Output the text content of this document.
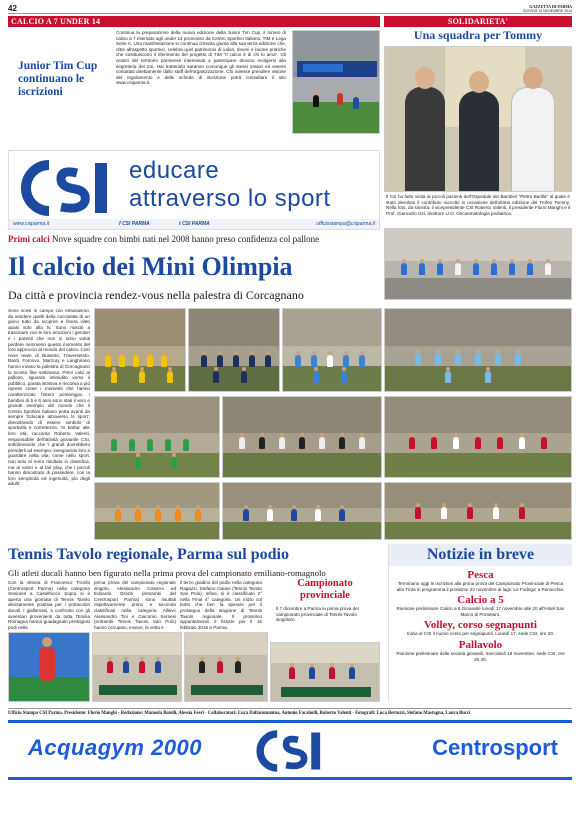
42	GAZZETTA DI PARMA
GIOVEDÌ 13 NOVEMBRE 2014
CALCIO A 7 UNDER 14
Junior Tim Cup continuano le iscrizioni
Continua la preparazione della nuova edizione della Junior Tim Cup, il torneo di calcio a 7 riservato agli under 14 promosso da Centro Sportivo Italiano, TIM e Lega Serie A. Una manifestazione in continua crescita giunta alla sua terza edizione che, oltre all'aspetto sportivo, celebra quel patrimonio di valori, doveri e buone pratiche che costituiscono il riferimento del progetto di TIM "Il calcio è di chi lo ama". Gli oratori del territorio parmense interessati a partecipare devono rivolgersi alla segreteria del Csi. Hai trattenuto saranno comunque gli stessi oratori ed essere contattati direttamente dallo staff dell'organizzazione. Chi volesse prendere visione del regolamento e delle schede di iscrizione potrà consultare il sito www.csiparma.it.
SOLIDARIETA'
Una squadra per Tommy
Il Csi ha fatto visita ai piccoli pazienti dell'Ospedale dei Bambini "Pietro Barilla" al quale è stato devoluto il contributo raccolto in occasione dell'ultima edizione del Trofeo Tommy. Nella foto, da sinistra: il vicepresidente CSI Roberto Valenti, il presidente Florio Manghi e il Prof. Giancarlo Izzi, direttore U.O. Oncoematologia pediatrica.
educare
attraverso lo sport
www.csiparma.it	f CSI PARMA	t CSI PARMA	ufficiostampa@csiparma.it
Primi calci Nove squadre con bimbi nati nel 2008 hanno preso confidenza col pallone
Il calcio dei Mini Olimpia
Da città e provincia rendez-vous nella palestra di Corcagnano
Sono scesi in campo con entusiasmo, da vendere quelli della cucciolata di un gioco tutto da scoprire e finora visto quasi solo alla tv. Sono riusciti a trascinare con le loro emozioni i genitori e i parenti che non si sono voluti perdere nemmeno questo momento del loro approccio al mondo del calcio. Così nove team di Busseto, Traversetolo, Bardi, Fornovo, Marzury e Langhirano hanno invaso la palestra di Corcagnano lo scorso fine settimana. Primi calci al pallone, sguardo intimidito verso il pubblico, parata istintiva e rincorsa a più riprese come i momenti che hanno caratterizzato l'intero pomeriggio. I bambini di 5 e 6 anni sono stati il vero e grande esempio del mondo che il Centro Sportivo Italiano porta avanti da sempre 'Educare attraverso lo sport', dimostrando di essere simbolo di sportività e correttezza. 'In barba' alle loro età, racconta Roberto Valenti, responsabile dell'attività giovanile CSI, sottolineando che 'i grandi dovrebbero prenderli ad esempio: insegnando loro a guardare nella vita, come nello sport, non solo al mero risultato in classifica, ma ai valori e al fair play, che i piccoli hanno dimostrato di possedere, con la loro semplicità ed ingenuità, più degli adulti'.
Tennis Tavolo regionale, Parma sul podio
Gli atleti ducali hanno ben figurato nella prima prova del campionato emiliano-romagnolo
Con la vittoria di Francesco Trombi (Centrosport Parma) nella categoria Seniores a Castelfocco Sopra si è aperta una giornata di Tennis Tavolo decisamente positiva per i portacolori ducali. I giallorossi, a confronto con gli avversari provenienti da tutta l'Emilia Romagna hanno guadagnato prestigiosi podi nella
prima prova del campionato regionale singolo. Alessandro Cisserni ed Edoardo Orazzi (entrambi del Centrosport Parma) sono risultati rispettivamente primo e secondo classificati nella categoria Allievi; Alessandro Tini e Giacomo Sernesi (entrambi Tennis Tavolo San Polo) hanno occupato, invece, la vetta e
il terzo gradino del podio nella categoria Ragazzi. Stefano Gaiani (Tennis Tavolo San Polo), infine, si è classificato 2° nella Final 4° categoria. Un inizio col botto che ben fa sperare per il prosieguo della stagione di Tennis Tavolo regionale. Il prossimo appuntamento è fissato per il 15 febbraio 2015 a Parma.
Campionato provinciale
Il 7 dicembre a Parma la prima prova del campionato provinciale di Tennis Tavolo singolare.
Notizie in breve
Pesca
Terminano oggi le iscrizioni alla prima prova del Campionato Provinciale di Pesca alla Trota in programma il prossimo 22 novembre al lago 'Le Fodriga' a Panocchia.
Calcio a 5
Riunione preliminare Calcio a 5 Giovanile lunedì 17 novembre alle 20 all'Hotel San Marco di Pontetaro.
Volley, corso segnapunti
Inizia al CSI il nuovo corso per segnapunti. Lunedì 17, sede CSI, ore 20.
Pallavolo
Riunione preliminare delle società giovanili, mercoledì 19 novembre, sede CSI, ore 20.30.
Ufficio Stampa CSI Parma. Presidente: Florio Manghi - Redazione: Manuela Botelli, Alessia Feeri - Collaboratori: Luca Dallaromanina, Antonio Facabolli, Roberto Valenti - Fotografi: Luca Bertozzi, Stefano Mastagna, Laura Bucci
Acquagym 2000	Centrosport
